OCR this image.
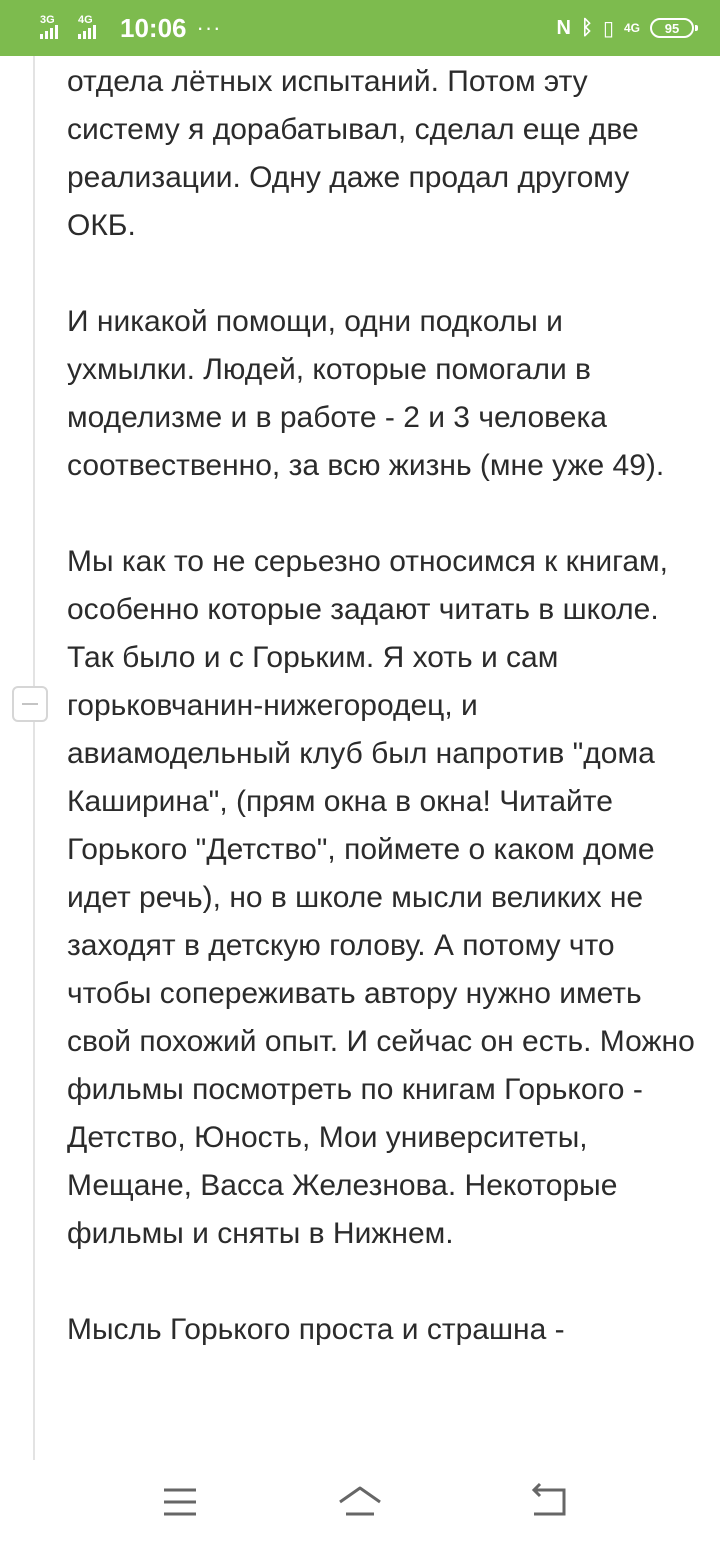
3G 4G 10:06 ···	N ᛒ ▯ 4G 95

отдела лётных испытаний. Потом эту систему я дорабатывал, сделал еще две реализации. Одну даже продал другому ОКБ.

И никакой помощи, одни подколы и ухмылки. Людей, которые помогали в моделизме и в работе - 2 и 3 человека соотвественно, за всю жизнь (мне уже 49).

Мы как то не серьезно относимся к книгам, особенно которые задают читать в школе. Так было и с Горьким. Я хоть и сам горьковчанин-нижегородец, и авиамодельный клуб был напротив "дома Каширина", (прям окна в окна! Читайте Горького "Детство", поймете о каком доме идет речь), но в школе мысли великих не заходят в детскую голову. А потому что чтобы сопереживать автору нужно иметь свой похожий опыт. И сейчас он есть. Можно фильмы посмотреть по книгам Горького - Детство, Юность, Мои университеты, Мещане, Васса Железнова. Некоторые фильмы и сняты в Нижнем.

Мысль Горького проста и страшна -
